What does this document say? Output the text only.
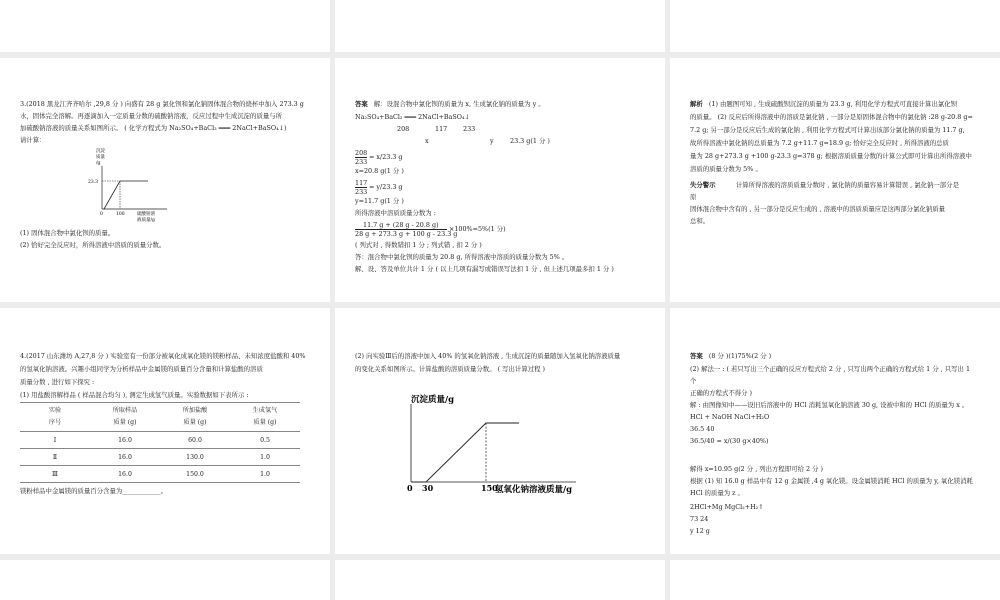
3.(2018 黑龙江齐齐哈尔 ,29,8 分 ) 向盛有 28 g 氯化钡和氯化钠固体混合物的烧杯中加入 273.3 g
水，固体完全溶解。再逐滴加入一定质量分数的硫酸钠溶液，反应过程中生成沉淀的质量与所
加硫酸钠溶液的质量关系如图所示。 ( 化学方程式为 Na₂SO₄+BaCl₂ ═══ 2NaCl+BaSO₄↓)
请计算：
沉淀
质量
/g
23.3
0	100	硫酸钠溶
液质量/g
(1) 固体混合物中氯化钡的质量。
(2) 恰好完全反应时，所得溶液中溶质的质量分数。
答案 解：设混合物中氯化钡的质量为 x, 生成氯化钠的质量为 y 。
Na₂SO₄+BaCl₂ ═══ 2NaCl+BaSO₄↓
208	117 233
x	y	23.3 g(1 分 )
208
233
= x/23.3 g
x=20.8 g(1 分 )
117
233
= y/23.3 g
y=11.7 g(1 分 )
所得溶液中溶质质量分数为 :
11.7 g + (28 g - 20.8 g)
28 g + 273.3 g + 100 g - 23.3 g
×100%=5%(1 分)
( 列式对 , 得数错扣 1 分 ; 列式错 , 扣 2 分 )
答：混合物中氯化钡的质量为 20.8 g, 所得溶液中溶质的质量分数为 5% 。
解、设、答及单位共计 1 分 ( 以上几项有漏写或错误写法扣 1 分 , 但上述几项最多扣 1 分 )
解析 (1) 由题图可知 , 生成硫酸钡沉淀的质量为 23.3 g, 利用化学方程式可直接计算出氯化钡
的质量。 (2) 反应后所得溶液中的溶质是氯化钠 , 一部分是原固体混合物中的氯化钠 :28 g-20.8 g=
7.2 g; 另一部分是反应后生成的氯化钠 , 利用化学方程式可计算出该部分氯化钠的质量为 11.7 g,
故所得溶液中氯化钠的总质量为 7.2 g+11.7 g=18.9 g; 恰好完全反应时 , 所得溶液的总质
量为 28 g+273.3 g +100 g-23.3 g=378 g; 根据溶质质量分数的计算公式即可计算出所得溶液中
溶质的质量分数为 5% 。
失分警示	计算所得溶液的溶质质量分数时 , 氯化钠的质量容易计算错误 , 氯化钠一部分是
原
固体混合物中含有的 , 另一部分是反应生成的 , 溶液中的溶质质量应是这两部分氯化钠质量
总和。
4.(2017 山东潍坊 A,27,8 分 ) 实验室有一份部分被氧化成氧化镁的镁粉样品、未知浓度盐酸和 40%
的氢氧化钠溶液。兴趣小组同学为分析样品中金属镁的质量百分含量和计算盐酸的溶质
质量分数 , 进行如下探究 :
(1) 用盐酸溶解样品 ( 样品混合均匀 ), 测定生成氢气质量。实验数据如下表所示 :
实验
序号	所取样品
质量 (g)	所加盐酸
质量 (g)	生成氢气
质量 (g)
Ⅰ	16.0	60.0	0.5
Ⅱ	16.0	130.0	1.0
Ⅲ	16.0	150.0	1.0
镁粉样品中金属镁的质量百分含量为____________。
(2) 向实验Ⅲ后的溶液中加入 40% 的氢氧化钠溶液 , 生成沉淀的质量随加入氢氧化钠溶液质量
的变化关系如图所示。计算盐酸的溶质质量分数。 ( 写出计算过程 )
沉淀质量/g
0 30	150
氢氧化钠溶液质量/g
答案 (8 分 )(1)75%(2 分 )
(2) 解法一 : ( 若只写出三个正确的反应方程式给 2 分 , 只写出两个正确的方程式给 1 分 , 只写出 1
个
正确的方程式不得分 )
解 : 由图像知中——设旧后溶液中的 HCl 消耗氢氧化钠溶液 30 g, 设被中和的 HCl 的质量为 x 。
HCl + NaOH NaCl+H₂O
36.5 40
36.5/40 = x/(30 g×40%)
解得 x=10.95 g(2 分 , 列出方程即可给 2 分 )
根据 (1) 知 16.0 g 样品中有 12 g 金属镁 ,4 g 氧化镁。设金属镁消耗 HCl 的质量为 y, 氧化镁消耗
HCl 的质量为 z 。
2HCl+Mg MgCl₂+H₂↑
73 24
y 12 g
